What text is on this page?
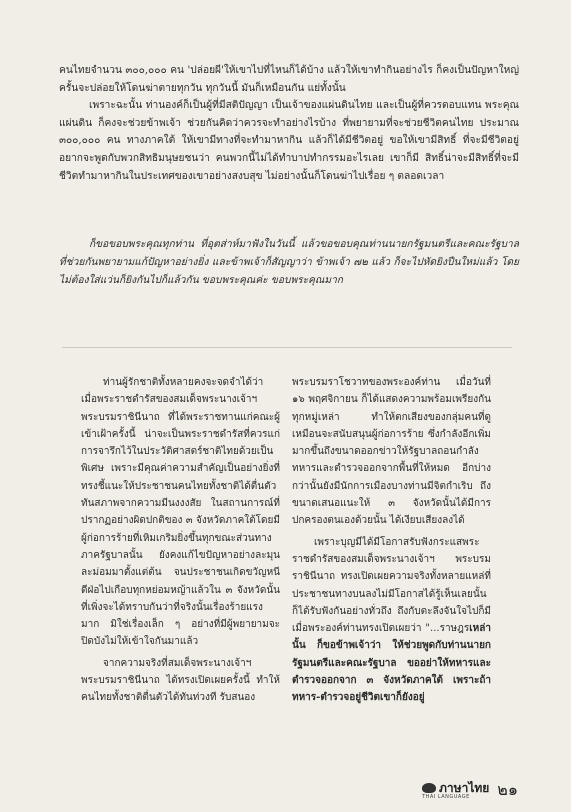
คนไทยจำนวน ๓๐๐,๐๐๐ คน 'ปล่อยผี'ให้เขาไปที่ไหนก็ได้บ้าง แล้วให้เขาทำกินอย่างไร ก็คงเป็นปัญหาใหญ่ ครั้นจะปล่อยให้โดนฆ่าตายทุกวัน ทุกวันนี้ มันก็เหมือนกัน แย่ทั้งนั้น

เพราะฉะนั้น ท่านองค์ก็เป็นผู้ที่มีสติปัญญา เป็นเจ้าของแผ่นดินไทย และเป็นผู้ที่ควรตอบแทน พระคุณแผ่นดิน ก็คงจะช่วยข้าพเจ้า ช่วยกันคิดว่าควรจะทำอย่างไรบ้าง ที่พยายามที่จะช่วยชีวิตคนไทย ประมาณ ๓๐๐,๐๐๐ คน ทางภาคใต้ ให้เขามีทางที่จะทำมาหากิน แล้วก็ได้มีชีวิตอยู่ ขอให้เขามีสิทธิ์ ที่จะมีชีวิตอยู่ อยากจะพูดกับพวกสิทธิมนุษยชนว่า คนพวกนี้ไม่ได้ทำบาปทำกรรมอะไรเลย เขาก็มี สิทธิ์น่าจะมีสิทธิ์ที่จะมีชีวิตทำมาหากินในประเทศของเขาอย่างสงบสุข ไม่อย่างนั้นก็โดนฆ่าไปเรื่อย ๆ ตลอดเวลา

ก็ขอขอบพระคุณทุกท่าน ที่อุตส่าห์มาฟังในวันนี้ แล้วขอขอบคุณท่านนายกรัฐมนตรีและคณะรัฐบาล ที่ช่วยกันพยายามแก้ปัญหาอย่างยิ่ง และข้าพเจ้าก็สัญญาว่า ข้าพเจ้า ๗๒ แล้ว ก็จะไปหัดยิงปืนใหม่แล้ว โดยไม่ต้องใส่แว่นก็ยิงกันไปก็แล้วกัน ขอบพระคุณค่ะ ขอบพระคุณมาก

ท่านผู้รักชาติทั้งหลายคงจะจดจำได้ว่า เมื่อพระราชดำรัสของสมเด็จพระนางเจ้าฯ พระบรมราชินีนาถ ที่ได้พระราชทานแก่คณะผู้เข้าเฝ้าครั้งนี้ น่าจะเป็นพระราชดำรัสที่ควรแก่การจารึกไว้ในประวัติศาสตร์ชาติไทยด้วยเป็นพิเศษ เพราะมีคุณค่าความสำคัญเป็นอย่างยิ่งที่ทรงชี้แนะให้ประชาชนคนไทยทั้งชาติได้ตื่นตัวทันสภาพจากความมีนงงงสัย ในสถานการณ์ที่ปรากฏอย่างผิดปกติของ ๓ จังหวัดภาคใต้โดยมีผู้ก่อการร้ายที่เหิมเกริมยิ่งขึ้นทุกขณะส่วนทางภาครัฐบาลนั้น ยังคงแก้ไขปัญหาอย่างละมุนละม่อมมาตั้งแต่ต้น จนประชาชนเกิดขวัญหนีดีฝ่อไปเกือบทุกหย่อมหญ้าแล้วใน ๓ จังหวัดนั้น ที่เพิ่งจะได้ทราบกันว่าที่จริงนั้นเรื่องร้ายแรงมาก มิใช่เรื่องเล็ก ๆ อย่างที่มีผู้พยายามจะปิดบังไม่ให้เข้าใจกันมาแล้ว

จากความจริงที่สมเด็จพระนางเจ้าฯ พระบรมราชินีนาถ ได้ทรงเปิดเผยครั้งนี้ ทำให้คนไทยทั้งชาติตื่นตัวได้ทันท่วงที รับสนอง

พระบรมราโชวาทของพระองค์ท่าน เมื่อวันที่ ๑๖ พฤศจิกายน ก็ได้แสดงความพร้อมเพรียงกันทุกหมู่เหล่า ทำให้ตกเสียงของกลุ่มคนที่ดูเหมือนจะสนับสนุนผู้ก่อการร้าย ซึ่งกำลังอีกเพิ่มมากขึ้นถึงขนาดออกข่าวให้รัฐบาลถอนกำลังทหารและตำรวจออกจากพื้นที่ให้หมด อีกบ่างกว่านั้นยังมีนักการเมืองบางท่านมีจิตกำเริบ ถึงขนาดเสนอแนะให้ ๓ จังหวัดนั้นได้มีการปกครองตนเองด้วยนั้น ได้เงียบเสียงลงได้

เพราะบุญมีได้มีโอกาสรับฟังกระแสพระราชดำรัสของสมเด็จพระนางเจ้าฯ พระบรมราชินีนาถ ทรงเปิดเผยความจริงทั้งหลายแหล่ที่ประชาชนทางบนลงไม่มีโอกาสได้รู้เห็นเลยนั้น ก็ได้รับฟังกันอย่างทั่วถึง ถึงกับตะลึงจันใจไปก็มี เมื่อพระองค์ท่านทรงเปิดเผยว่า "...ราษฎรเหล่านั้น ก็ขอข้าพเจ้าว่า ให้ช่วยพูดกับท่านนายกรัฐมนตรีและคณะรัฐบาล ขออย่าให้ทหารและตำรวจออกจาก ๓ จังหวัดภาคใต้ เพราะถ้าทหาร-ตำรวจอยู่ชีวิตเขาก็ยังอยู่

ภาษาไทย
THAI LANGUAGE ๒๑
